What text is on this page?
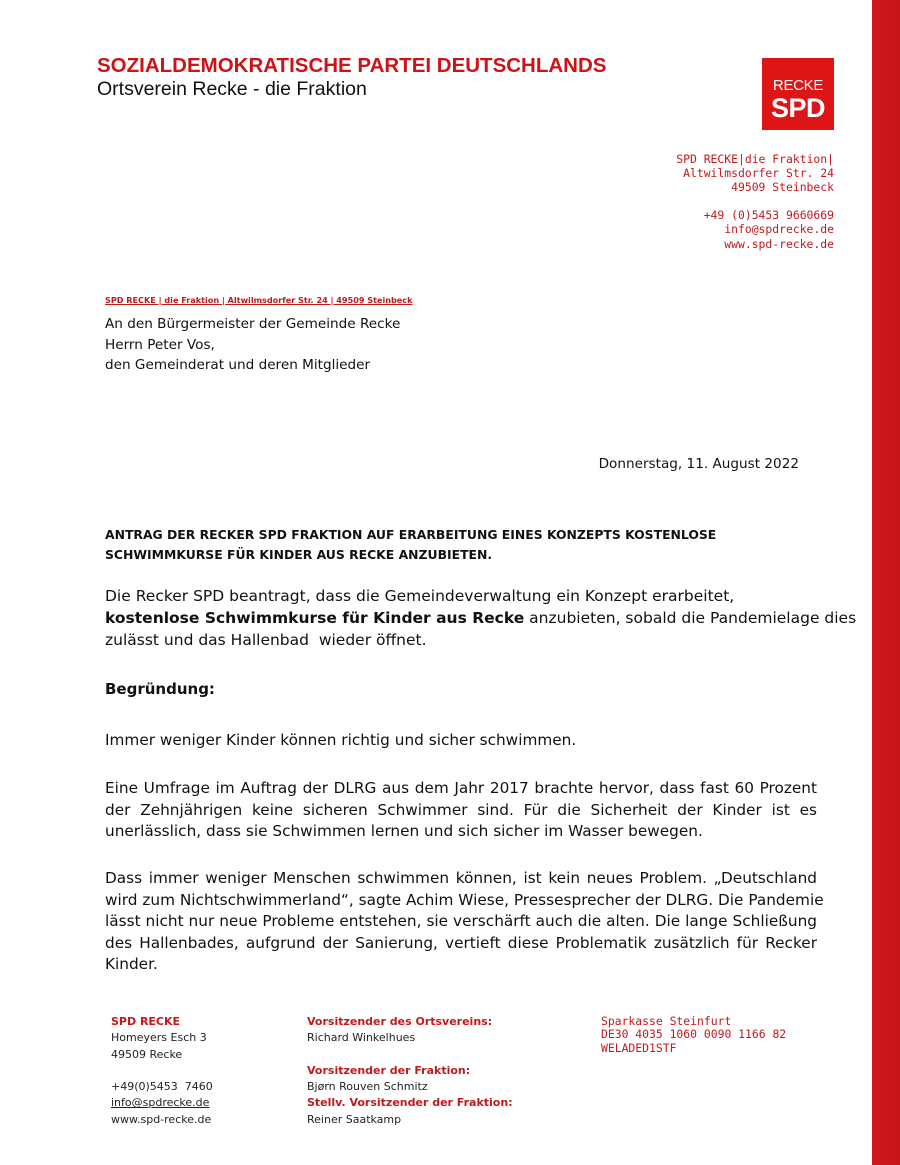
SOZIALDEMOKRATISCHE PARTEI DEUTSCHLANDS
Ortsverein Recke - die Fraktion	RECKE
SPD
SPD RECKE|die Fraktion|
Altwilmsdorfer Str. 24
49509 Steinbeck
+49 (0)5453 9660669
info@spdrecke.de
www.spd-recke.de
SPD RECKE | die Fraktion | Altwilmsdorfer Str. 24 | 49509 Steinbeck
An den Bürgermeister der Gemeinde Recke
Herrn Peter Vos,
den Gemeinderat und deren Mitglieder
Donnerstag, 11. August 2022
ANTRAG DER RECKER SPD FRAKTION AUF ERARBEITUNG EINES KONZEPTS KOSTENLOSE
SCHWIMMKURSE FÜR KINDER AUS RECKE ANZUBIETEN.
Die Recker SPD beantragt, dass die Gemeindeverwaltung ein Konzept erarbeitet,
kostenlose Schwimmkurse für Kinder aus Recke anzubieten, sobald die Pandemielage dies
zulässt und das Hallenbad  wieder öffnet.
Begründung:
Immer weniger Kinder können richtig und sicher schwimmen.
Eine Umfrage im Auftrag der DLRG aus dem Jahr 2017 brachte hervor, dass fast 60 Prozent
der Zehnjährigen keine sicheren Schwimmer sind. Für die Sicherheit der Kinder ist es
unerlässlich, dass sie Schwimmen lernen und sich sicher im Wasser bewegen.
Dass immer weniger Menschen schwimmen können, ist kein neues Problem. „Deutschland
wird zum Nichtschwimmerland“, sagte Achim Wiese, Pressesprecher der DLRG. Die Pandemie
lässt nicht nur neue Probleme entstehen, sie verschärft auch die alten. Die lange Schließung
des Hallenbades, aufgrund der Sanierung, vertieft diese Problematik zusätzlich für Recker
Kinder.
SPD RECKE
Homeyers Esch 3
49509 Recke
+49(0)5453  7460
info@spdrecke.de
www.spd-recke.de
Vorsitzender des Ortsvereins:
Richard Winkelhues
Vorsitzender der Fraktion:
Bjørn Rouven Schmitz
Stellv. Vorsitzender der Fraktion:
Reiner Saatkamp
Sparkasse Steinfurt
DE30 4035 1060 0090 1166 82
WELADED1STF
